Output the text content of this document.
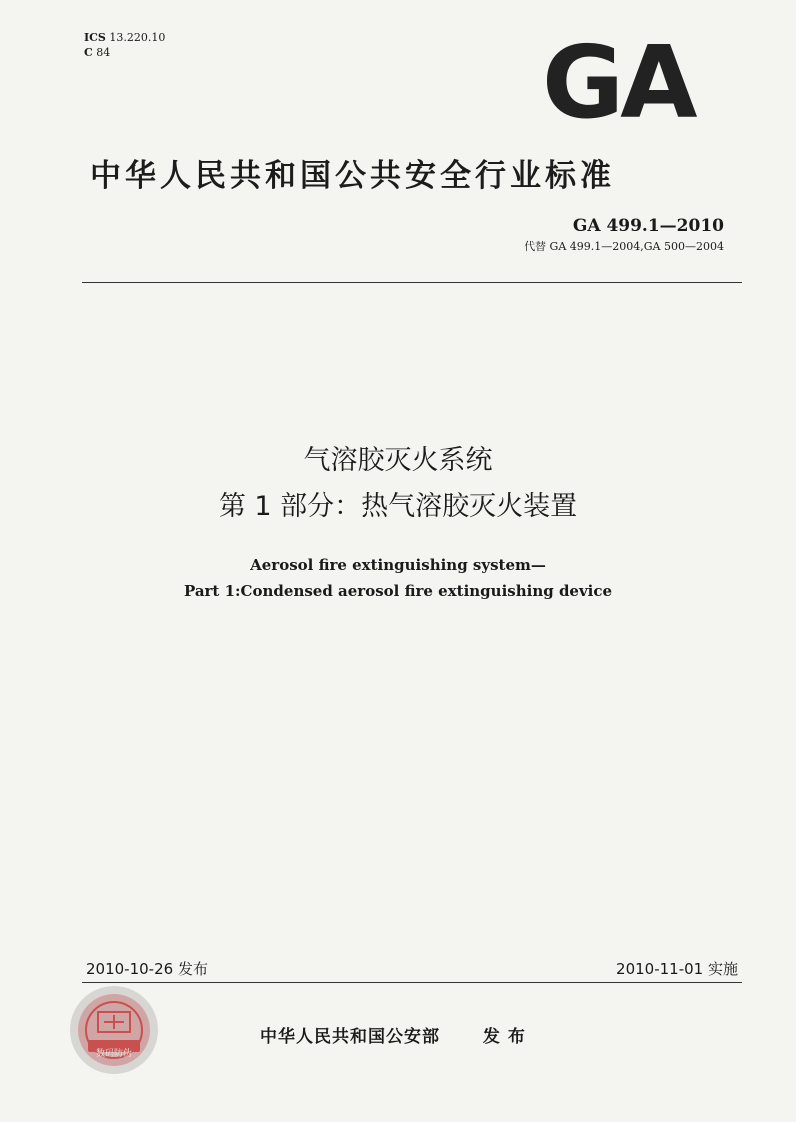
ICS 13.220.10
C 84	GA
中华人民共和国公共安全行业标准
GA 499.1—2010
代替 GA 499.1—2004,GA 500—2004
气溶胶灭火系统
第 1 部分：热气溶胶灭火装置
Aerosol fire extinguishing system—
Part 1:Condensed aerosol fire extinguishing device
2010-10-26 发布	2010-11-01 实施
数码防伪
中华人民共和国公安部	发 布
